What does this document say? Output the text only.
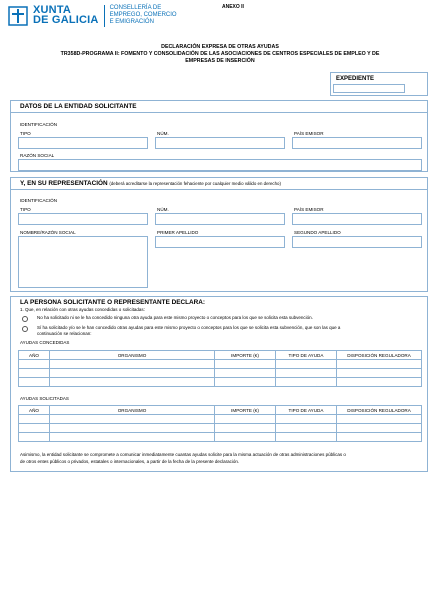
XUNTA
DE GALICIA
CONSELLERÍA DE
EMPREGO, COMERCIO
E EMIGRACIÓN
ANEXO II
DECLARACIÓN EXPRESA DE OTRAS AYUDAS
TR358D-PROGRAMA II: FOMENTO Y CONSOLIDACIÓN DE LAS ASOCIACIONES DE CENTROS ESPECIALES DE EMPLEO Y DE
EMPRESAS DE INSERCIÓN
EXPEDIENTE
DATOS DE LA ENTIDAD SOLICITANTE
IDENTIFICACIÓN
TIPO	NÚM.	PAÍS EMISOR
RAZÓN SOCIAL
Y, EN SU REPRESENTACIÓN (deberá acreditarse la representación fehaciente por cualquier medio válido en derecho)
IDENTIFICACIÓN
TIPO	NÚM.	PAÍS EMISOR
NOMBRE/RAZÓN SOCIAL	PRIMER APELLIDO	SEGUNDO APELLIDO
LA PERSONA SOLICITANTE O REPRESENTANTE DECLARA:
1. Que, en relación con otras ayudas concedidas o solicitadas:
No ha solicitado ni se le ha concedido ninguna otra ayuda para este mismo proyecto o conceptos para los que se solicita esta subvención.
Sí ha solicitado y/o se le han concedido otras ayudas para este mismo proyecto o conceptos para los que se solicita esta subvención, que son las que a
continuación se relacionan:
AYUDAS CONCEDIDAS
AÑO	ORGANISMO	IMPORTE (€)	TIPO DE AYUDA	DISPOSICIÓN REGULADORA

AYUDAS SOLICITADAS
AÑO	ORGANISMO	IMPORTE (€)	TIPO DE AYUDA	DISPOSICIÓN REGULADORA

Asimismo, la entidad solicitante se compromete a comunicar inmediatamente cuantas ayudas solicite para la misma actuación de otras administraciones públicas o
de otros entes públicos o privados, estatales o internacionales, a partir de la fecha de la presente declaración.
